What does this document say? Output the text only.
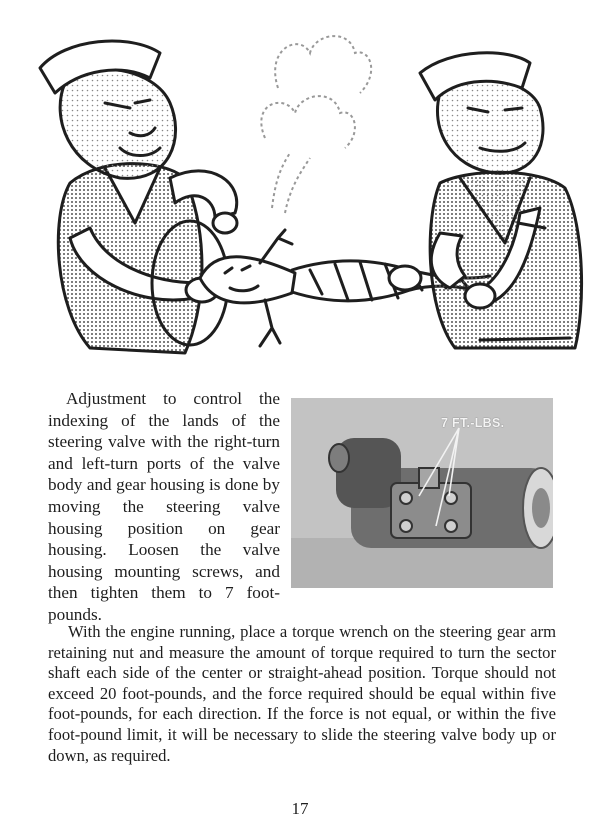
Adjustment to control the indexing of the lands of the steering valve with the right-turn and left-turn ports of the valve body and gear housing is done by moving the steering valve housing position on gear housing. Loosen the valve housing mounting screws, and then tighten them to 7 foot-pounds.

7 FT.-LBS.

With the engine running, place a torque wrench on the steering gear arm retaining nut and measure the amount of torque required to turn the sector shaft each side of the center or straight-ahead position. Torque should not exceed 20 foot-pounds, and the force required should be equal within five foot-pounds, for each direction. If the force is not equal, or within the five foot-pound limit, it will be necessary to slide the steering valve body up or down, as required.

17
